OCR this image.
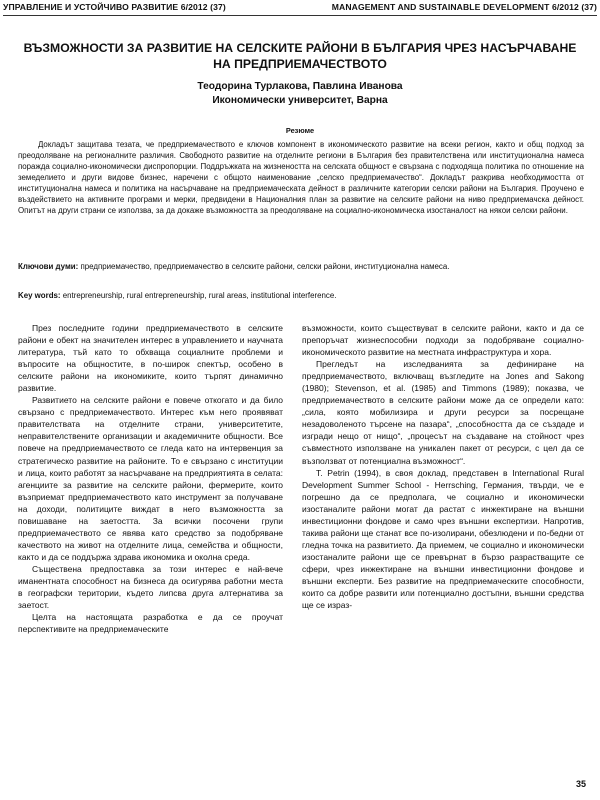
УПРАВЛЕНИЕ И УСТОЙЧИВО РАЗВИТИЕ 6/2012 (37)	MANAGEMENT AND SUSTAINABLE DEVELOPMENT 6/2012 (37)
ВЪЗМОЖНОСТИ ЗА РАЗВИТИЕ НА СЕЛСКИТЕ РАЙОНИ В БЪЛГАРИЯ ЧРЕЗ НАСЪРЧАВАНЕ НА ПРЕДПРИЕМАЧЕСТВОТО
Теодорина Турлакова, Павлина Иванова
Икономически университет, Варна
Резюме

Докладът защитава тезата, че предприемачеството е ключов компонент в икономическото развитие на всеки регион, както и общ подход за преодоляване на регионалните различия. Свободното развитие на отделните региони в България без правителствена или институционална намеса поражда социално-икономически диспропорции. Поддръжката на жизнеността на селската общност е свързана с подходяща политика по отношение на земеделието и други видове бизнес, наречени с общото наименование „селско предприемачество“. Докладът разкрива необходимостта от институционална намеса и политика на насърчаване на предприемаческата дейност в различните категории селски райони на България. Проучено е въздействието на активните програми и мерки, предвидени в Националния план за развитие на селските райони на ниво предприемачска дейност. Опитът на други страни се използва, за да докаже възможността за преодоляване на социално-икономическа изостаналост на някои селски райони.

Ключови думи: предприемачество, предприемачество в селските райони, селски райони, институционална намеса.
Key words: entrepreneurship, rural entrepreneurship, rural areas, institutional interference.

През последните години предприемачеството в селските райони е обект на значителен интерес в управлението и научната литература, тъй като то обхваща социалните проблеми и въпросите на общностите, в по-широк спектър, особено в селските райони на икономиките, които търпят динамично развитие.

Развитието на селските райони е повече откогато и да било свързано с предприемачеството. Интерес към него проявяват правителствата на отделните страни, университетите, неправителствените организации и академичните общности. Все повече на предприемачеството се гледа като на интервенция за стратегическо развитие на районите. То е свързано с институции и лица, които работят за насърчаване на предприятията в селата: агенциите за развитие на селските райони, фермерите, които възприемат предприемачеството като инструмент за получаване на доходи, политиците виждат в него възможността за повишаване на заетостта. За всички посочени групи предприемачеството се явява като средство за подобряване качеството на живот на отделните лица, семейства и общности, както и да се поддържа здрава икономика и околна среда.

Съществена предпоставка за този интерес е най-вече иманентната способност на бизнеса да осигурява работни места в географски територии, където липсва друга алтернатива за заетост.

Целта на настоящата разработка е да се проучат перспективите на предприемаческите

възможности, които съществуват в селските райони, както и да се препоръчат жизнеспособни подходи за подобряване социално-икономическото развитие на местната инфраструктура и хора.

Прегледът на изследванията за дефиниране на предприемачеството, включващ възгледите на Jones and Sakong (1980); Stevenson, et al. (1985) and Timmons (1989); показва, че предприемачеството в селските райони може да се определи като: „сила, която мобилизира и други ресурси за посрещане незадоволеното търсене на пазара“, „способността да се създаде и изгради нещо от нищо“, „процесът на създаване на стойност чрез съвместното използване на уникален пакет от ресурси, с цел да се възползват от потенциална възможност“.

T. Petrin (1994), в своя доклад, представен в International Rural Development Summer School - Herrsching, Германия, твърди, че е погрешно да се предполага, че социално и икономически изостаналите райони могат да растат с инжектиране на външни инвестиционни фондове и само чрез външни експертизи. Напротив, такива райони ще станат все по-изолирани, обезлюдени и по-бедни от гледна точка на развитието. Да приемем, че социално и икономически изостаналите райони ще се превърнат в бързо разрастващите се сфери, чрез инжектиране на външни инвестиционни фондове и външни експерти. Без развитие на предприемаческите способности, които са добре развити или потенциално достъпни, външни средства ще се израз-

35
